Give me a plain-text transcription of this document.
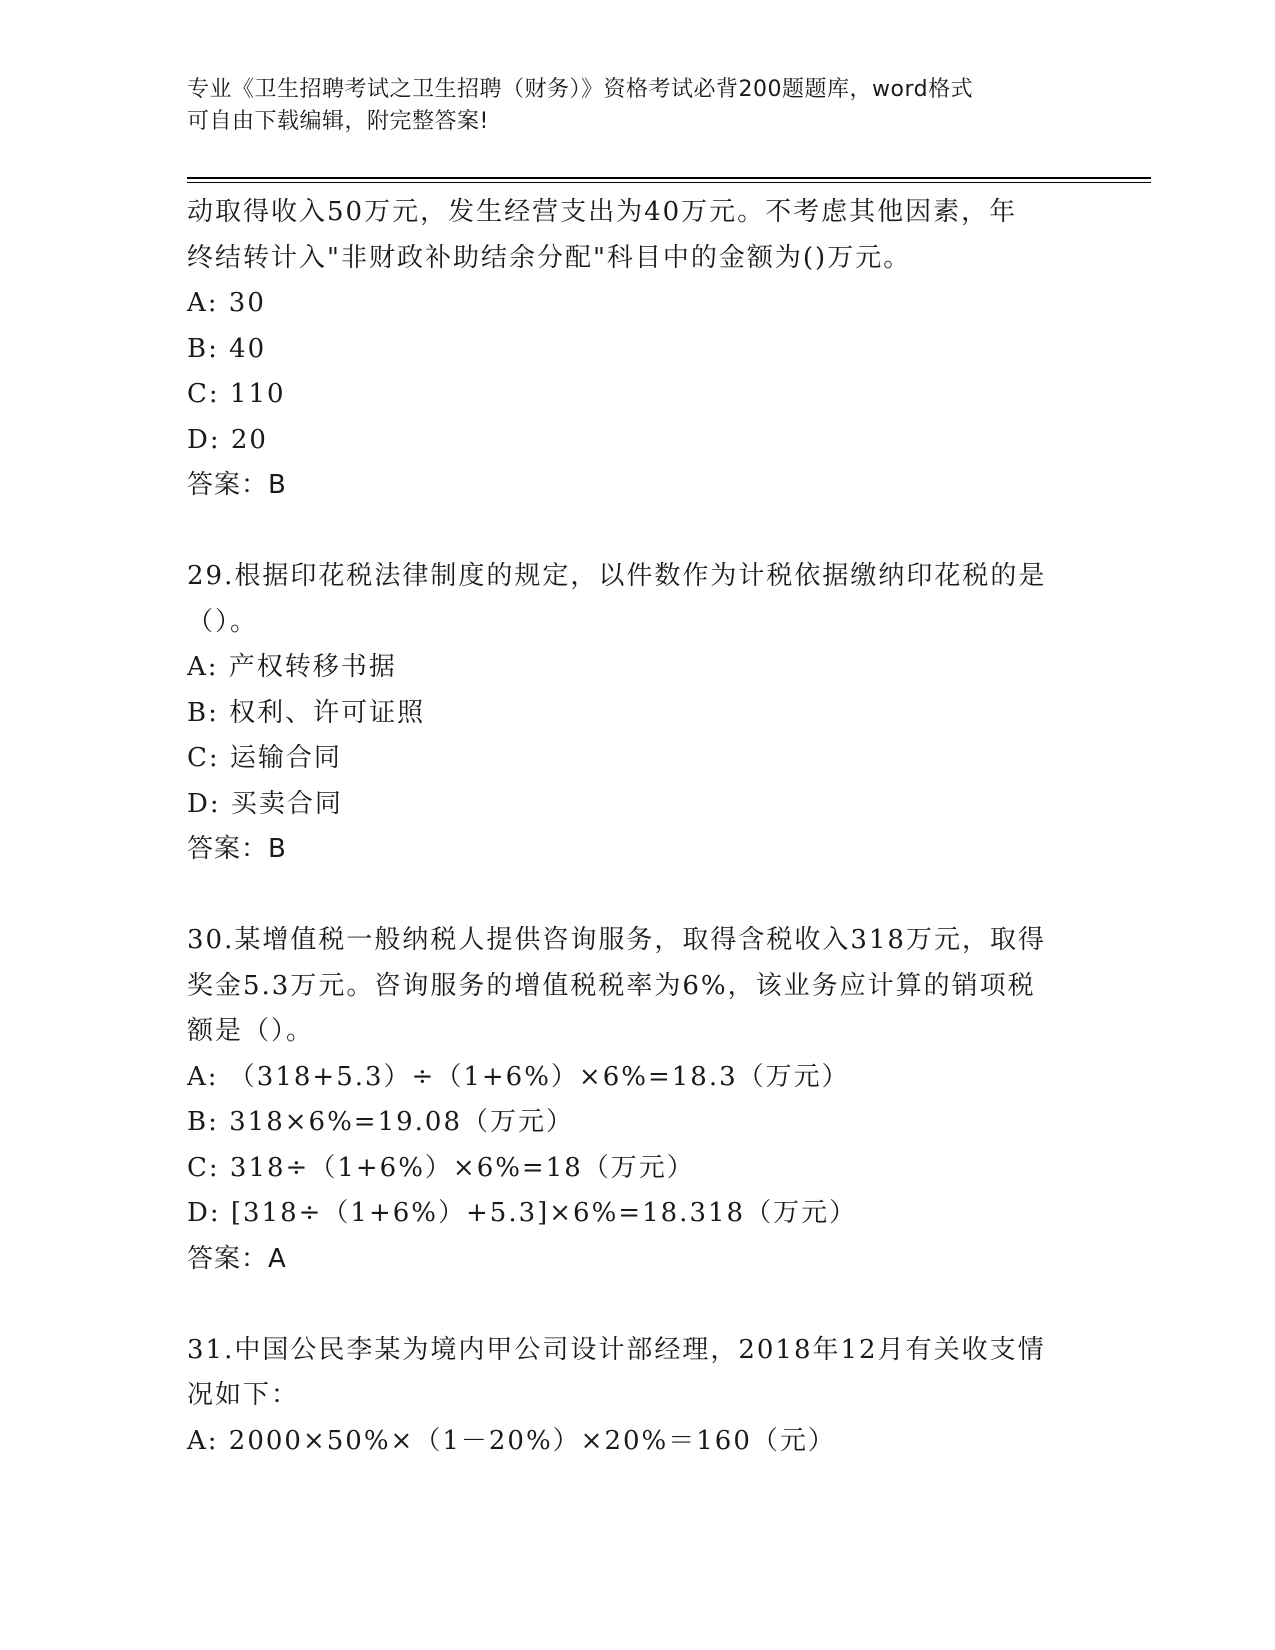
专业《卫生招聘考试之卫生招聘（财务）》资格考试必背200题题库，word格式
可自由下载编辑，附完整答案!
动取得收入50万元，发生经营支出为40万元。不考虑其他因素，年
终结转计入"非财政补助结余分配"科目中的金额为()万元。
A: 30
B: 40
C: 110
D: 20
答案：B
29.根据印花税法律制度的规定，以件数作为计税依据缴纳印花税的是
（）。
A: 产权转移书据
B: 权利、许可证照
C: 运输合同
D: 买卖合同
答案：B
30.某增值税一般纳税人提供咨询服务，取得含税收入318万元，取得
奖金5.3万元。咨询服务的增值税税率为6%，该业务应计算的销项税
额是（）。
A: （318+5.3）÷（1+6%）×6%=18.3（万元）
B: 318×6%=19.08（万元）
C: 318÷（1+6%）×6%=18（万元）
D: [318÷（1+6%）+5.3]×6%=18.318（万元）
答案：A
31.中国公民李某为境内甲公司设计部经理，2018年12月有关收支情
况如下：
A: 2000×50%×（1－20%）×20%＝160（元）
